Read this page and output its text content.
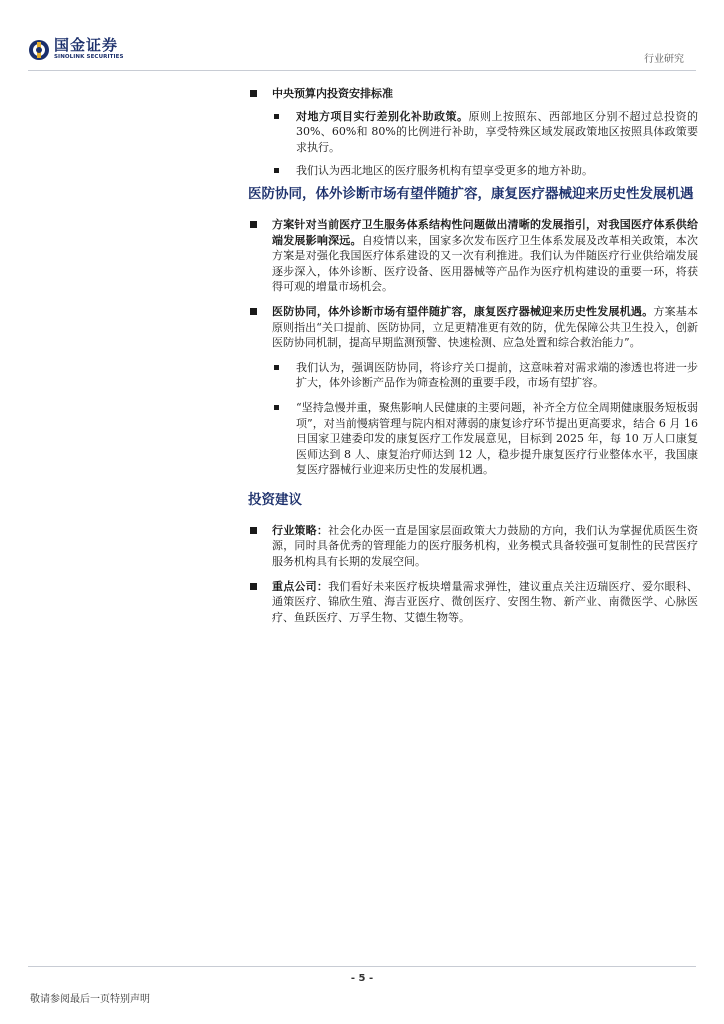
国金证券
SINOLINK SECURITIES	行业研究
中央预算内投资安排标准
对地方项目实行差别化补助政策。原则上按照东、西部地区分别不超过总投资的 30%、60%和 80%的比例进行补助，享受特殊区域发展政策地区按照具体政策要求执行。
我们认为西北地区的医疗服务机构有望享受更多的地方补助。
医防协同，体外诊断市场有望伴随扩容，康复医疗器械迎来历史性发展机遇
方案针对当前医疗卫生服务体系结构性问题做出清晰的发展指引，对我国医疗体系供给端发展影响深远。自疫情以来，国家多次发布医疗卫生体系发展及改革相关政策，本次方案是对强化我国医疗体系建设的又一次有利推进。我们认为伴随医疗行业供给端发展逐步深入，体外诊断、医疗设备、医用器械等产品作为医疗机构建设的重要一环，将获得可观的增量市场机会。
医防协同，体外诊断市场有望伴随扩容，康复医疗器械迎来历史性发展机遇。方案基本原则指出“关口提前、医防协同，立足更精准更有效的防，优先保障公共卫生投入，创新医防协同机制，提高早期监测预警、快速检测、应急处置和综合救治能力”。
我们认为，强调医防协同，将诊疗关口提前，这意味着对需求端的渗透也将进一步扩大，体外诊断产品作为筛查检测的重要手段，市场有望扩容。
“坚持急慢并重，聚焦影响人民健康的主要问题，补齐全方位全周期健康服务短板弱项”，对当前慢病管理与院内相对薄弱的康复诊疗环节提出更高要求，结合 6 月 16 日国家卫建委印发的康复医疗工作发展意见，目标到 2025 年，每 10 万人口康复医师达到 8 人、康复治疗师达到 12 人，稳步提升康复医疗行业整体水平，我国康复医疗器械行业迎来历史性的发展机遇。
投资建议
行业策略：社会化办医一直是国家层面政策大力鼓励的方向，我们认为掌握优质医生资源，同时具备优秀的管理能力的医疗服务机构，业务模式具备较强可复制性的民营医疗服务机构具有长期的发展空间。
重点公司：我们看好未来医疗板块增量需求弹性，建议重点关注迈瑞医疗、爱尔眼科、通策医疗、锦欣生殖、海吉亚医疗、微创医疗、安图生物、新产业、南微医学、心脉医疗、鱼跃医疗、万孚生物、艾德生物等。
- 5 -
敬请参阅最后一页特别声明
